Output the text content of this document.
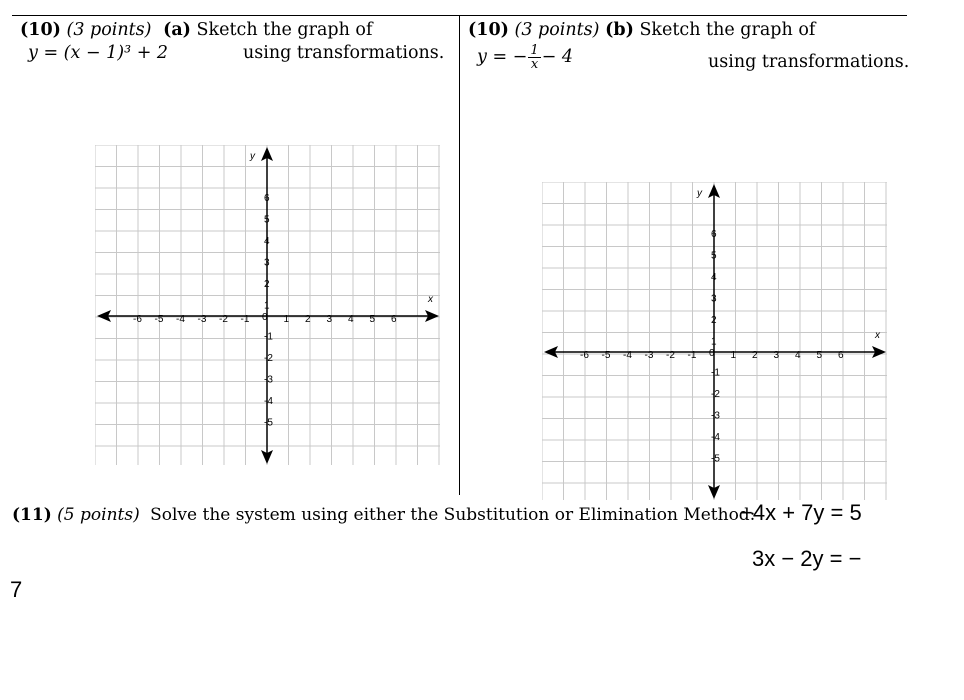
(10) (3 points) (a) Sketch the graph of
y = (x − 1)³ + 2	using transformations.
(10) (3 points) (b) Sketch the graph of
y = − $\frac{1}{x} - 4$	using transformations.
x
y
0
-6 -5 -4 -3 -2 -1	1 2 3 4 5 6
6
5
4
3
2
1
-1
-2
-3
-4
-5
x
y
0
-6 -5 -4 -3 -2 -1	1 2 3 4 5 6
6
5
4
3
2
1
-1
-2
-3
-4
-5
(11) (5 points) Solve the system using either the Substitution or Elimination Method:
−4x + 7y = 5
3x − 2y = −
7
